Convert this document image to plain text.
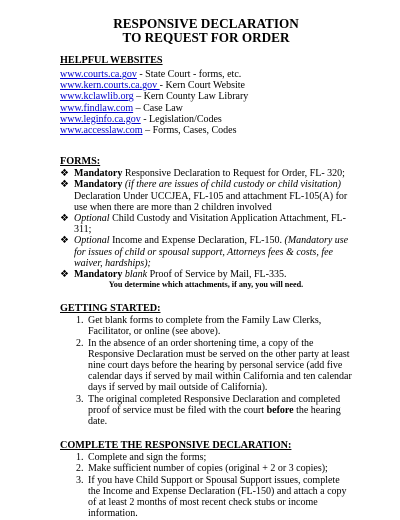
RESPONSIVE DECLARATION

TO REQUEST FOR ORDER

HELPFUL WEBSITES

www.courts.ca.gov - State Court - forms, etc.

www.kern.courts.ca.gov - Kern Court Website

www.kclawlib.org – Kern County Law Library

www.findlaw.com – Case Law

www.leginfo.ca.gov - Legislation/Codes

www.accesslaw.com – Forms, Cases, Codes

FORMS:

❖ Mandatory Responsive Declaration to Request for Order, FL- 320;
❖ Mandatory (if there are issues of child custody or child visitation) Declaration Under UCCJEA, FL-105 and attachment FL-105(A) for use when there are more than 2 children involved
❖ Optional Child Custody and Visitation Application Attachment, FL-311;
❖ Optional Income and Expense Declaration, FL-150. (Mandatory use for issues of child or spousal support, Attorneys fees & costs, fee waiver, hardships);
❖ Mandatory blank Proof of Service by Mail, FL-335.

You determine which attachments, if any, you will need.

GETTING STARTED:

1. Get blank forms to complete from the Family Law Clerks, Facilitator, or online (see above).
2. In the absence of an order shortening time, a copy of the Responsive Declaration must be served on the other party at least nine court days before the hearing by personal service (add five calendar days if served by mail within California and ten calendar days if served by mail outside of California).
3. The original completed Responsive Declaration and completed proof of service must be filed with the court before the hearing date.

COMPLETE THE RESPONSIVE DECLARATION:

1. Complete and sign the forms;
2. Make sufficient number of copies (original + 2 or 3 copies);
3. If you have Child Support or Spousal Support issues, complete the Income and Expense Declaration (FL-150) and attach a copy of at least 2 months of most recent check stubs or income information.
